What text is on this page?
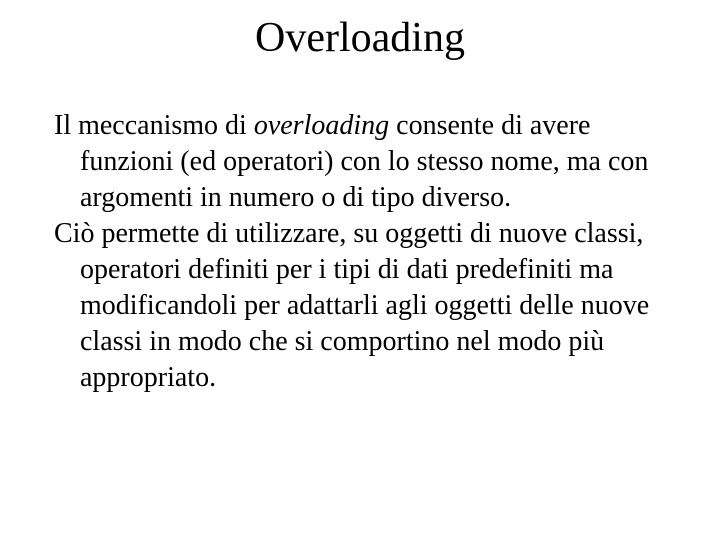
Overloading

Il meccanismo di overloading consente di avere funzioni (ed operatori) con lo stesso nome, ma con argomenti in numero o di tipo diverso.

Ciò permette di utilizzare, su oggetti di nuove classi, operatori definiti per i tipi di dati predefiniti ma modificandoli per adattarli agli oggetti delle nuove classi in modo che si comportino nel modo più appropriato.
